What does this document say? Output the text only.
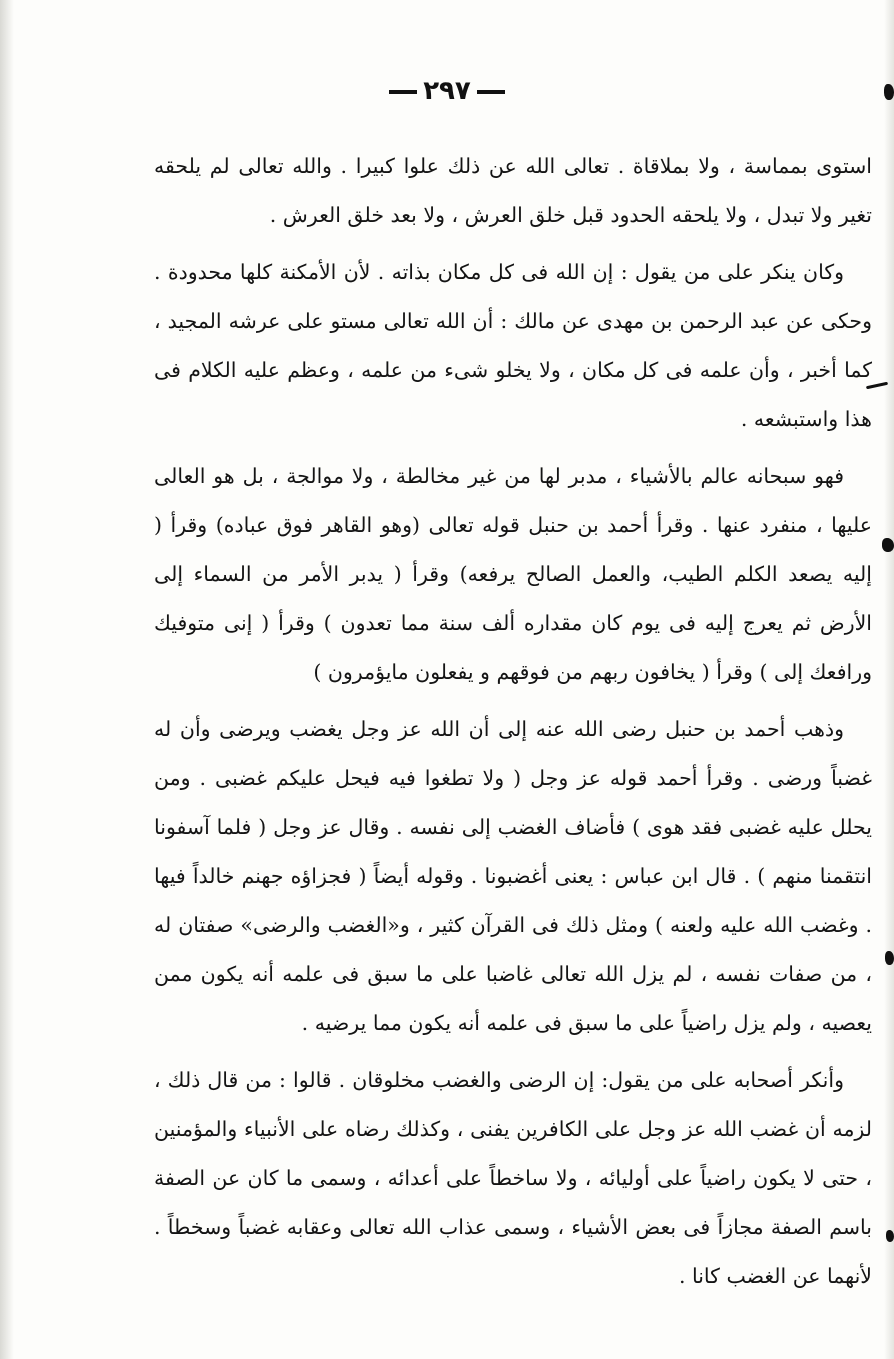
٢٩٧

استوى بمماسة ، ولا بملاقاة . تعالى الله عن ذلك علوا كبيرا . والله تعالى لم يلحقه تغير ولا تبدل ، ولا يلحقه الحدود قبل خلق العرش ، ولا بعد خلق العرش .

وكان ينكر على من يقول : إن الله فى كل مكان بذاته . لأن الأمكنة كلها محدودة . وحكى عن عبد الرحمن بن مهدى عن مالك : أن الله تعالى مستو على عرشه المجيد ، كما أخبر ، وأن علمه فى كل مكان ، ولا يخلو شىء من علمه ، وعظم عليه الكلام فى هذا واستبشعه .

فهو سبحانه عالم بالأشياء ، مدبر لها من غير مخالطة ، ولا موالجة ، بل هو العالى عليها ، منفرد عنها . وقرأ أحمد بن حنبل قوله تعالى (وهو القاهر فوق عباده) وقرأ ( إليه يصعد الكلم الطيب، والعمل الصالح يرفعه) وقرأ ( يدبر الأمر من السماء إلى الأرض ثم يعرج إليه فى يوم كان مقداره ألف سنة مما تعدون ) وقرأ ( إنى متوفيك ورافعك إلى ) وقرأ ( يخافون ربهم من فوقهم و يفعلون مايؤمرون )

وذهب أحمد بن حنبل رضى الله عنه إلى أن الله عز وجل يغضب ويرضى وأن له غضباً ورضى . وقرأ أحمد قوله عز وجل ( ولا تطغوا فيه فيحل عليكم غضبى . ومن يحلل عليه غضبى فقد هوى ) فأضاف الغضب إلى نفسه . وقال عز وجل ( فلما آسفونا انتقمنا منهم ) . قال ابن عباس : يعنى أغضبونا . وقوله أيضاً ( فجزاؤه جهنم خالداً فيها . وغضب الله عليه ولعنه ) ومثل ذلك فى القرآن كثير ، و«الغضب والرضى» صفتان له ، من صفات نفسه ، لم يزل الله تعالى غاضبا على ما سبق فى علمه أنه يكون ممن يعصيه ، ولم يزل راضياً على ما سبق فى علمه أنه يكون مما يرضيه .

وأنكر أصحابه على من يقول: إن الرضى والغضب مخلوقان . قالوا : من قال ذلك ، لزمه أن غضب الله عز وجل على الكافرين يفنى ، وكذلك رضاه على الأنبياء والمؤمنين ، حتى لا يكون راضياً على أوليائه ، ولا ساخطاً على أعدائه ، وسمى ما كان عن الصفة باسم الصفة مجازاً فى بعض الأشياء ، وسمى عذاب الله تعالى وعقابه غضباً وسخطاً . لأنهما عن الغضب كانا .
